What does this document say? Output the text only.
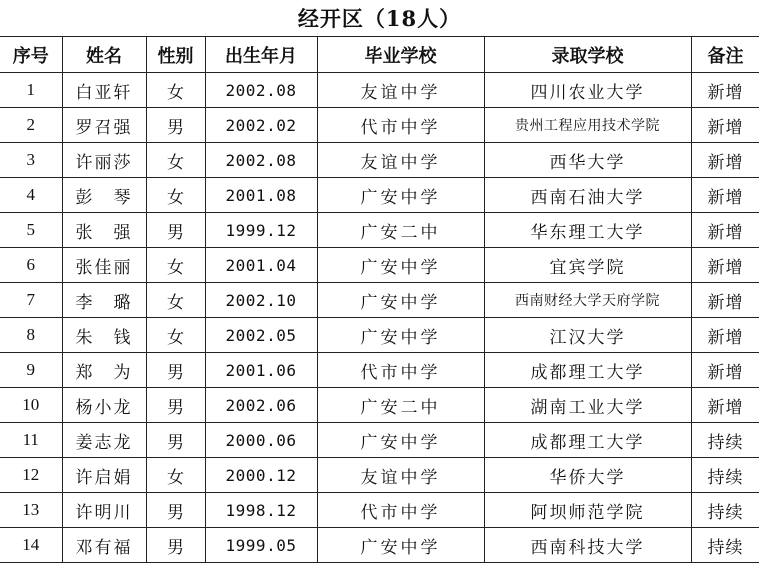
经开区（18人）
序号	姓名	性别	出生年月	毕业学校	录取学校	备注
1	白亚轩	女	2002.08	友谊中学	四川农业大学	新增
2	罗召强	男	2002.02	代市中学	贵州工程应用技术学院	新增
3	许丽莎	女	2002.08	友谊中学	西华大学	新增
4	彭　琴	女	2001.08	广安中学	西南石油大学	新增
5	张　强	男	1999.12	广安二中	华东理工大学	新增
6	张佳丽	女	2001.04	广安中学	宜宾学院	新增
7	李　璐	女	2002.10	广安中学	西南财经大学天府学院	新增
8	朱　钱	女	2002.05	广安中学	江汉大学	新增
9	郑　为	男	2001.06	代市中学	成都理工大学	新增
10	杨小龙	男	2002.06	广安二中	湖南工业大学	新增
11	姜志龙	男	2000.06	广安中学	成都理工大学	持续
12	许启娟	女	2000.12	友谊中学	华侨大学	持续
13	许明川	男	1998.12	代市中学	阿坝师范学院	持续
14	邓有福	男	1999.05	广安中学	西南科技大学	持续
